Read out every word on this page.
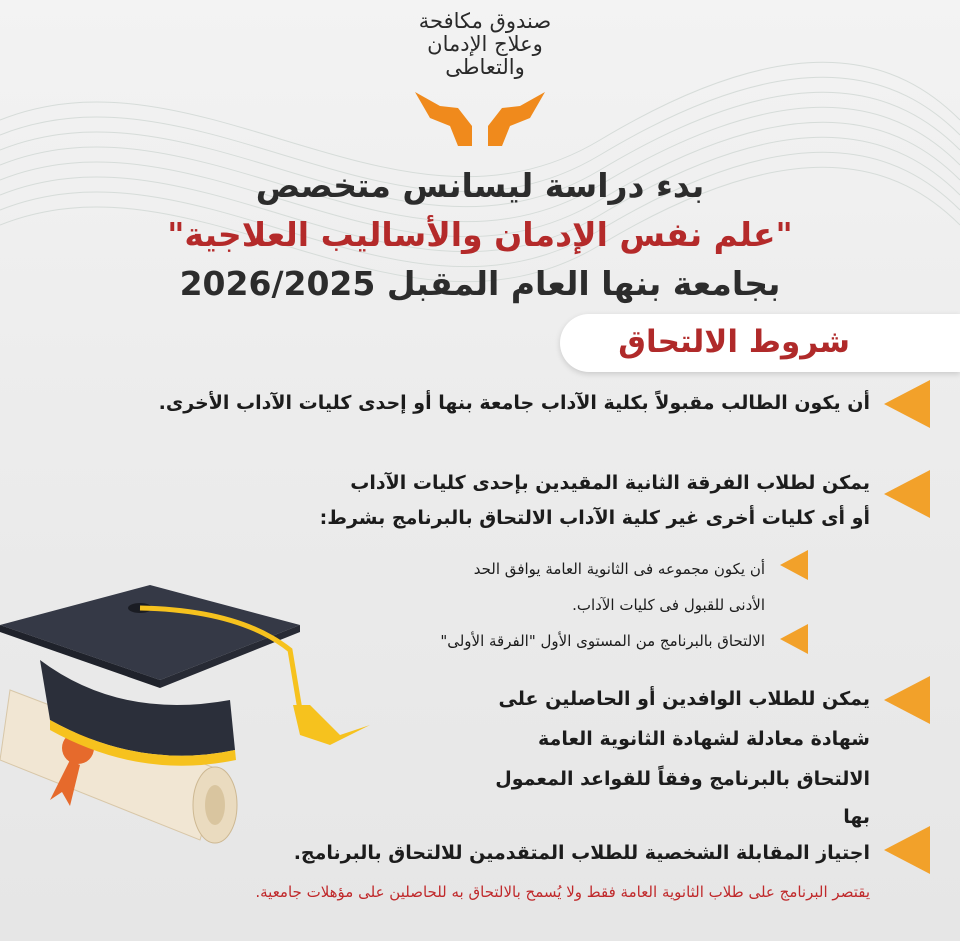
صندوق مكافحة
وعلاج الإدمان
والتعاطى
بدء دراسة ليسانس متخصص
"علم نفس الإدمان والأساليب العلاجية"
بجامعة بنها العام المقبل 2026/2025
شروط الالتحاق
أن يكون الطالب مقبولاً بكلية الآداب جامعة بنها أو إحدى كليات الآداب الأخرى.
يمكن لطلاب الفرقة الثانية المقيدين بإحدى كليات الآداب
أو أى كليات أخرى غير كلية الآداب الالتحاق بالبرنامج بشرط:
أن يكون مجموعه فى الثانوية العامة يوافق الحد
الأدنى للقبول فى كليات الآداب.
الالتحاق بالبرنامج من المستوى الأول "الفرقة الأولى"
يمكن للطلاب الوافدين أو الحاصلين على
شهادة معادلة لشهادة الثانوية العامة
الالتحاق بالبرنامج وفقاً للقواعد المعمول
بها
اجتياز المقابلة الشخصية للطلاب المتقدمين للالتحاق بالبرنامج.
يقتصر البرنامج على طلاب الثانوية العامة فقط ولا يُسمح بالالتحاق به للحاصلين على مؤهلات جامعية.
